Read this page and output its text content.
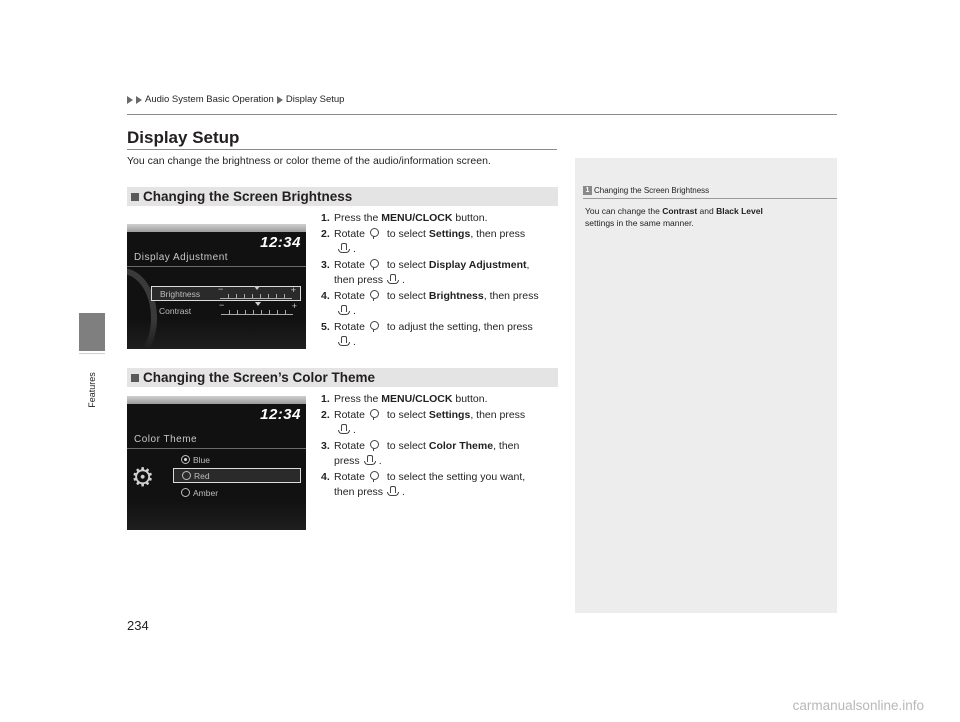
Features
Audio System Basic Operation Display Setup
Display Setup
You can change the brightness or color theme of the audio/information screen.
Changing the Screen Brightness
12:34
Display Adjustment
Brightness −	+
Contrast
−	+
1. Press the MENU/CLOCK button.
2. Rotate to select Settings, then press
.
3. Rotate to select Display Adjustment,
then press .
4. Rotate to select Brightness, then press
.
5. Rotate to adjust the setting, then press
.
Changing the Screen’s Color Theme
12:34
Color Theme
⚙
Blue
Red
Amber
1. Press the MENU/CLOCK button.
2. Rotate to select Settings, then press
.
3. Rotate to select Color Theme, then
press .
4. Rotate to select the setting you want,
then press .
1 Changing the Screen Brightness
You can change the Contrast and Black Level
settings in the same manner.
234
carmanualsonline.info
